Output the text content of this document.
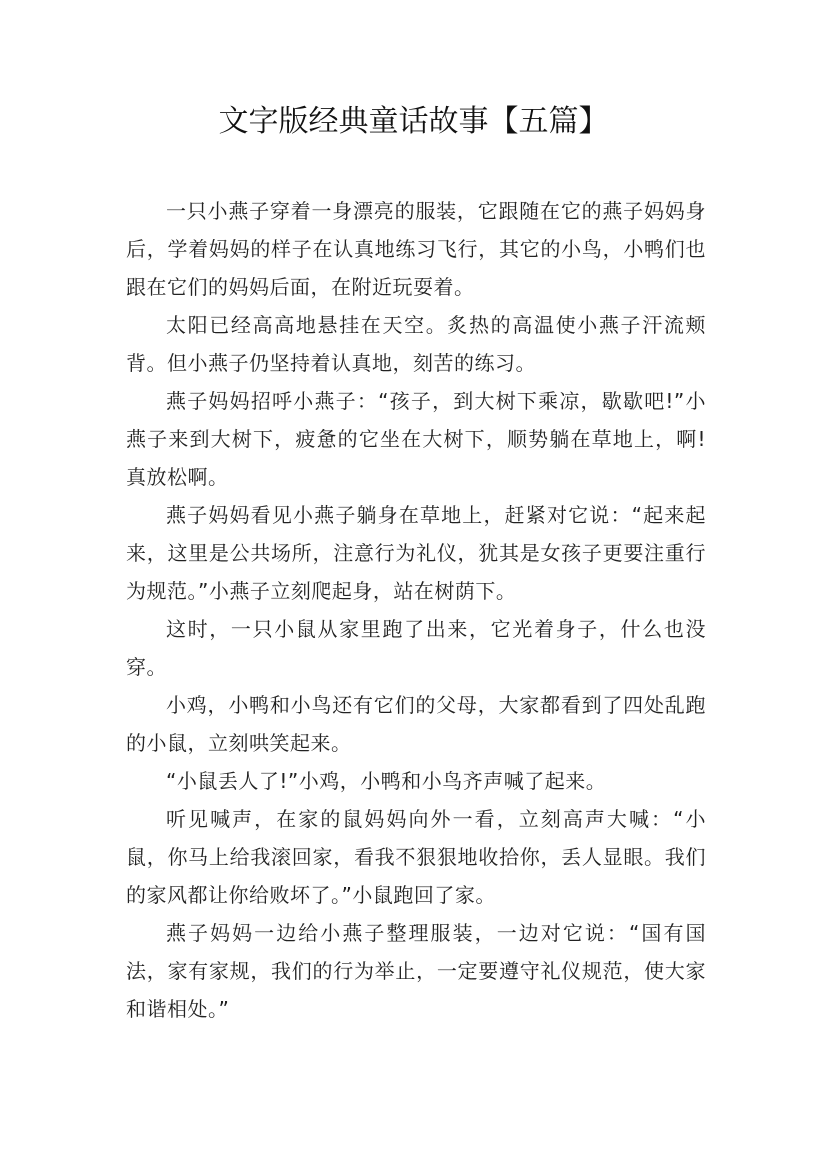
文字版经典童话故事【五篇】

一只小燕子穿着一身漂亮的服装，它跟随在它的燕子妈妈身后，学着妈妈的样子在认真地练习飞行，其它的小鸟，小鸭们也跟在它们的妈妈后面，在附近玩耍着。

太阳已经高高地悬挂在天空。炙热的高温使小燕子汗流颊背。但小燕子仍坚持着认真地，刻苦的练习。

燕子妈妈招呼小燕子：“孩子，到大树下乘凉，歇歇吧!”小燕子来到大树下，疲惫的它坐在大树下，顺势躺在草地上，啊!真放松啊。

燕子妈妈看见小燕子躺身在草地上，赶紧对它说：“起来起来，这里是公共场所，注意行为礼仪，犹其是女孩子更要注重行为规范。”小燕子立刻爬起身，站在树荫下。

这时，一只小鼠从家里跑了出来，它光着身子，什么也没穿。

小鸡，小鸭和小鸟还有它们的父母，大家都看到了四处乱跑的小鼠，立刻哄笑起来。

“小鼠丢人了!”小鸡，小鸭和小鸟齐声喊了起来。

听见喊声，在家的鼠妈妈向外一看，立刻高声大喊：“小鼠，你马上给我滚回家，看我不狠狠地收拾你，丢人显眼。我们的家风都让你给败坏了。”小鼠跑回了家。

燕子妈妈一边给小燕子整理服装，一边对它说：“国有国法，家有家规，我们的行为举止，一定要遵守礼仪规范，使大家和谐相处。”
